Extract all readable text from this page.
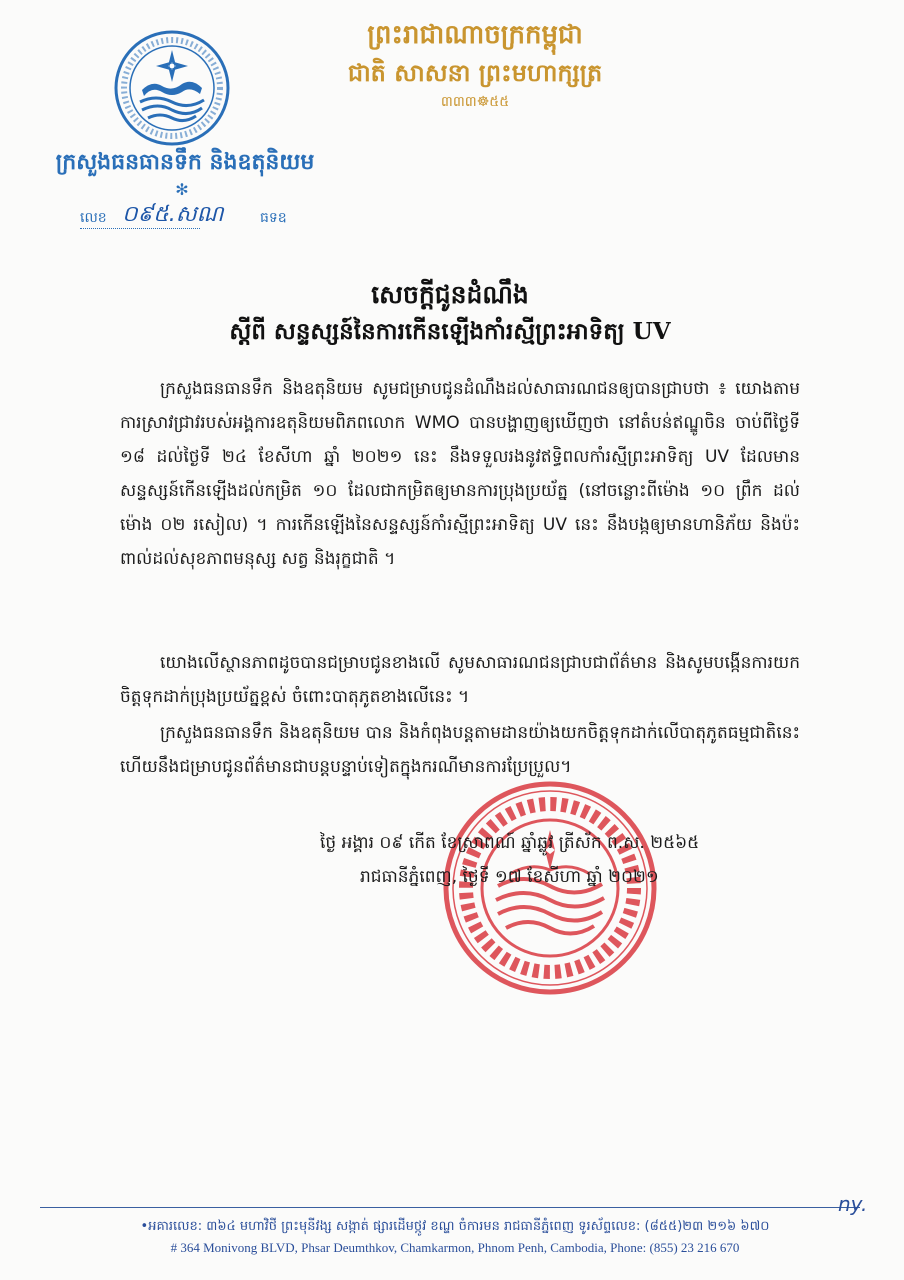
ក្រសួងធនធានទឹក និងឧតុនិយម
✻
លេខ ០៩៥.សណ	ធទឧ
ព្រះរាជាណាចក្រកម្ពុជា
ជាតិ សាសនា ព្រះមហាក្សត្រ
៣៣៣☸៥៥
សេចក្តីជូនដំណឹង
ស្តីពី សន្ទស្សន៍នៃការកើនឡើងកាំរស្មីព្រះអាទិត្យ UV
ក្រសួងធនធានទឹក និងឧតុនិយម សូមជម្រាបជូនដំណឹងដល់សាធារណជនឲ្យបានជ្រាបថា ៖ យោងតាមការស្រាវជ្រាវរបស់អង្គការឧតុនិយមពិភពលោក WMO បានបង្ហាញឲ្យឃើញថា នៅតំបន់ឥណ្ឌូចិន ចាប់ពីថ្ងៃទី ១៨ ដល់ថ្ងៃទី ២៤ ខែសីហា ឆ្នាំ ២០២១ នេះ នឹងទទួលរងនូវឥទ្ធិពលកាំរស្មីព្រះអាទិត្យ UV ដែលមានសន្ទស្សន៍កើនឡើងដល់កម្រិត ១០ ដែលជាកម្រិតឲ្យមានការប្រុងប្រយ័ត្ន (នៅចន្លោះពីម៉ោង ១០ ព្រឹក ដល់ម៉ោង ០២ រសៀល) ។ ការកើនឡើងនៃសន្ទស្សន៍កាំរស្មីព្រះអាទិត្យ UV នេះ នឹងបង្កឲ្យមានហានិភ័យ និងប៉ះពាល់ដល់សុខភាពមនុស្ស សត្វ និងរុក្ខជាតិ ។
យោងលើស្ថានភាពដូចបានជម្រាបជូនខាងលើ សូមសាធារណជនជ្រាបជាព័ត៌មាន និងសូមបង្កើនការយកចិត្តទុកដាក់ប្រុងប្រយ័ត្នខ្ពស់ ចំពោះបាតុភូតខាងលើនេះ ។
ក្រសួងធនធានទឹក និងឧតុនិយម បាន និងកំពុងបន្តតាមដានយ៉ាងយកចិត្តទុកដាក់លើបាតុភូតធម្មជាតិនេះហើយនឹងជម្រាបជូនព័ត៌មានជាបន្តបន្ទាប់ទៀតក្នុងករណីមានការប្រែប្រួល។
ថ្ងៃ អង្គារ ០៩ កើត ខែស្រាពណ៍ ឆ្នាំឆ្លូវ ត្រីស័ក ព.ស. ២៥៦៥
រាជធានីភ្នំពេញ, ថ្ងៃទី ១៧ ខែសីហា ឆ្នាំ ២០២១
ny.
•អគារលេខ: ៣៦៤ មហាវិថី ព្រះមុនីវង្ស សង្កាត់ ផ្សារដើមថ្កូវ ខណ្ឌ ចំការមន រាជធានីភ្នំពេញ ទូរស័ព្ទលេខ: (៨៥៥)២៣ ២១៦ ៦៧០
# 364 Monivong BLVD, Phsar Deumthkov, Chamkarmon, Phnom Penh, Cambodia, Phone: (855) 23 216 670
